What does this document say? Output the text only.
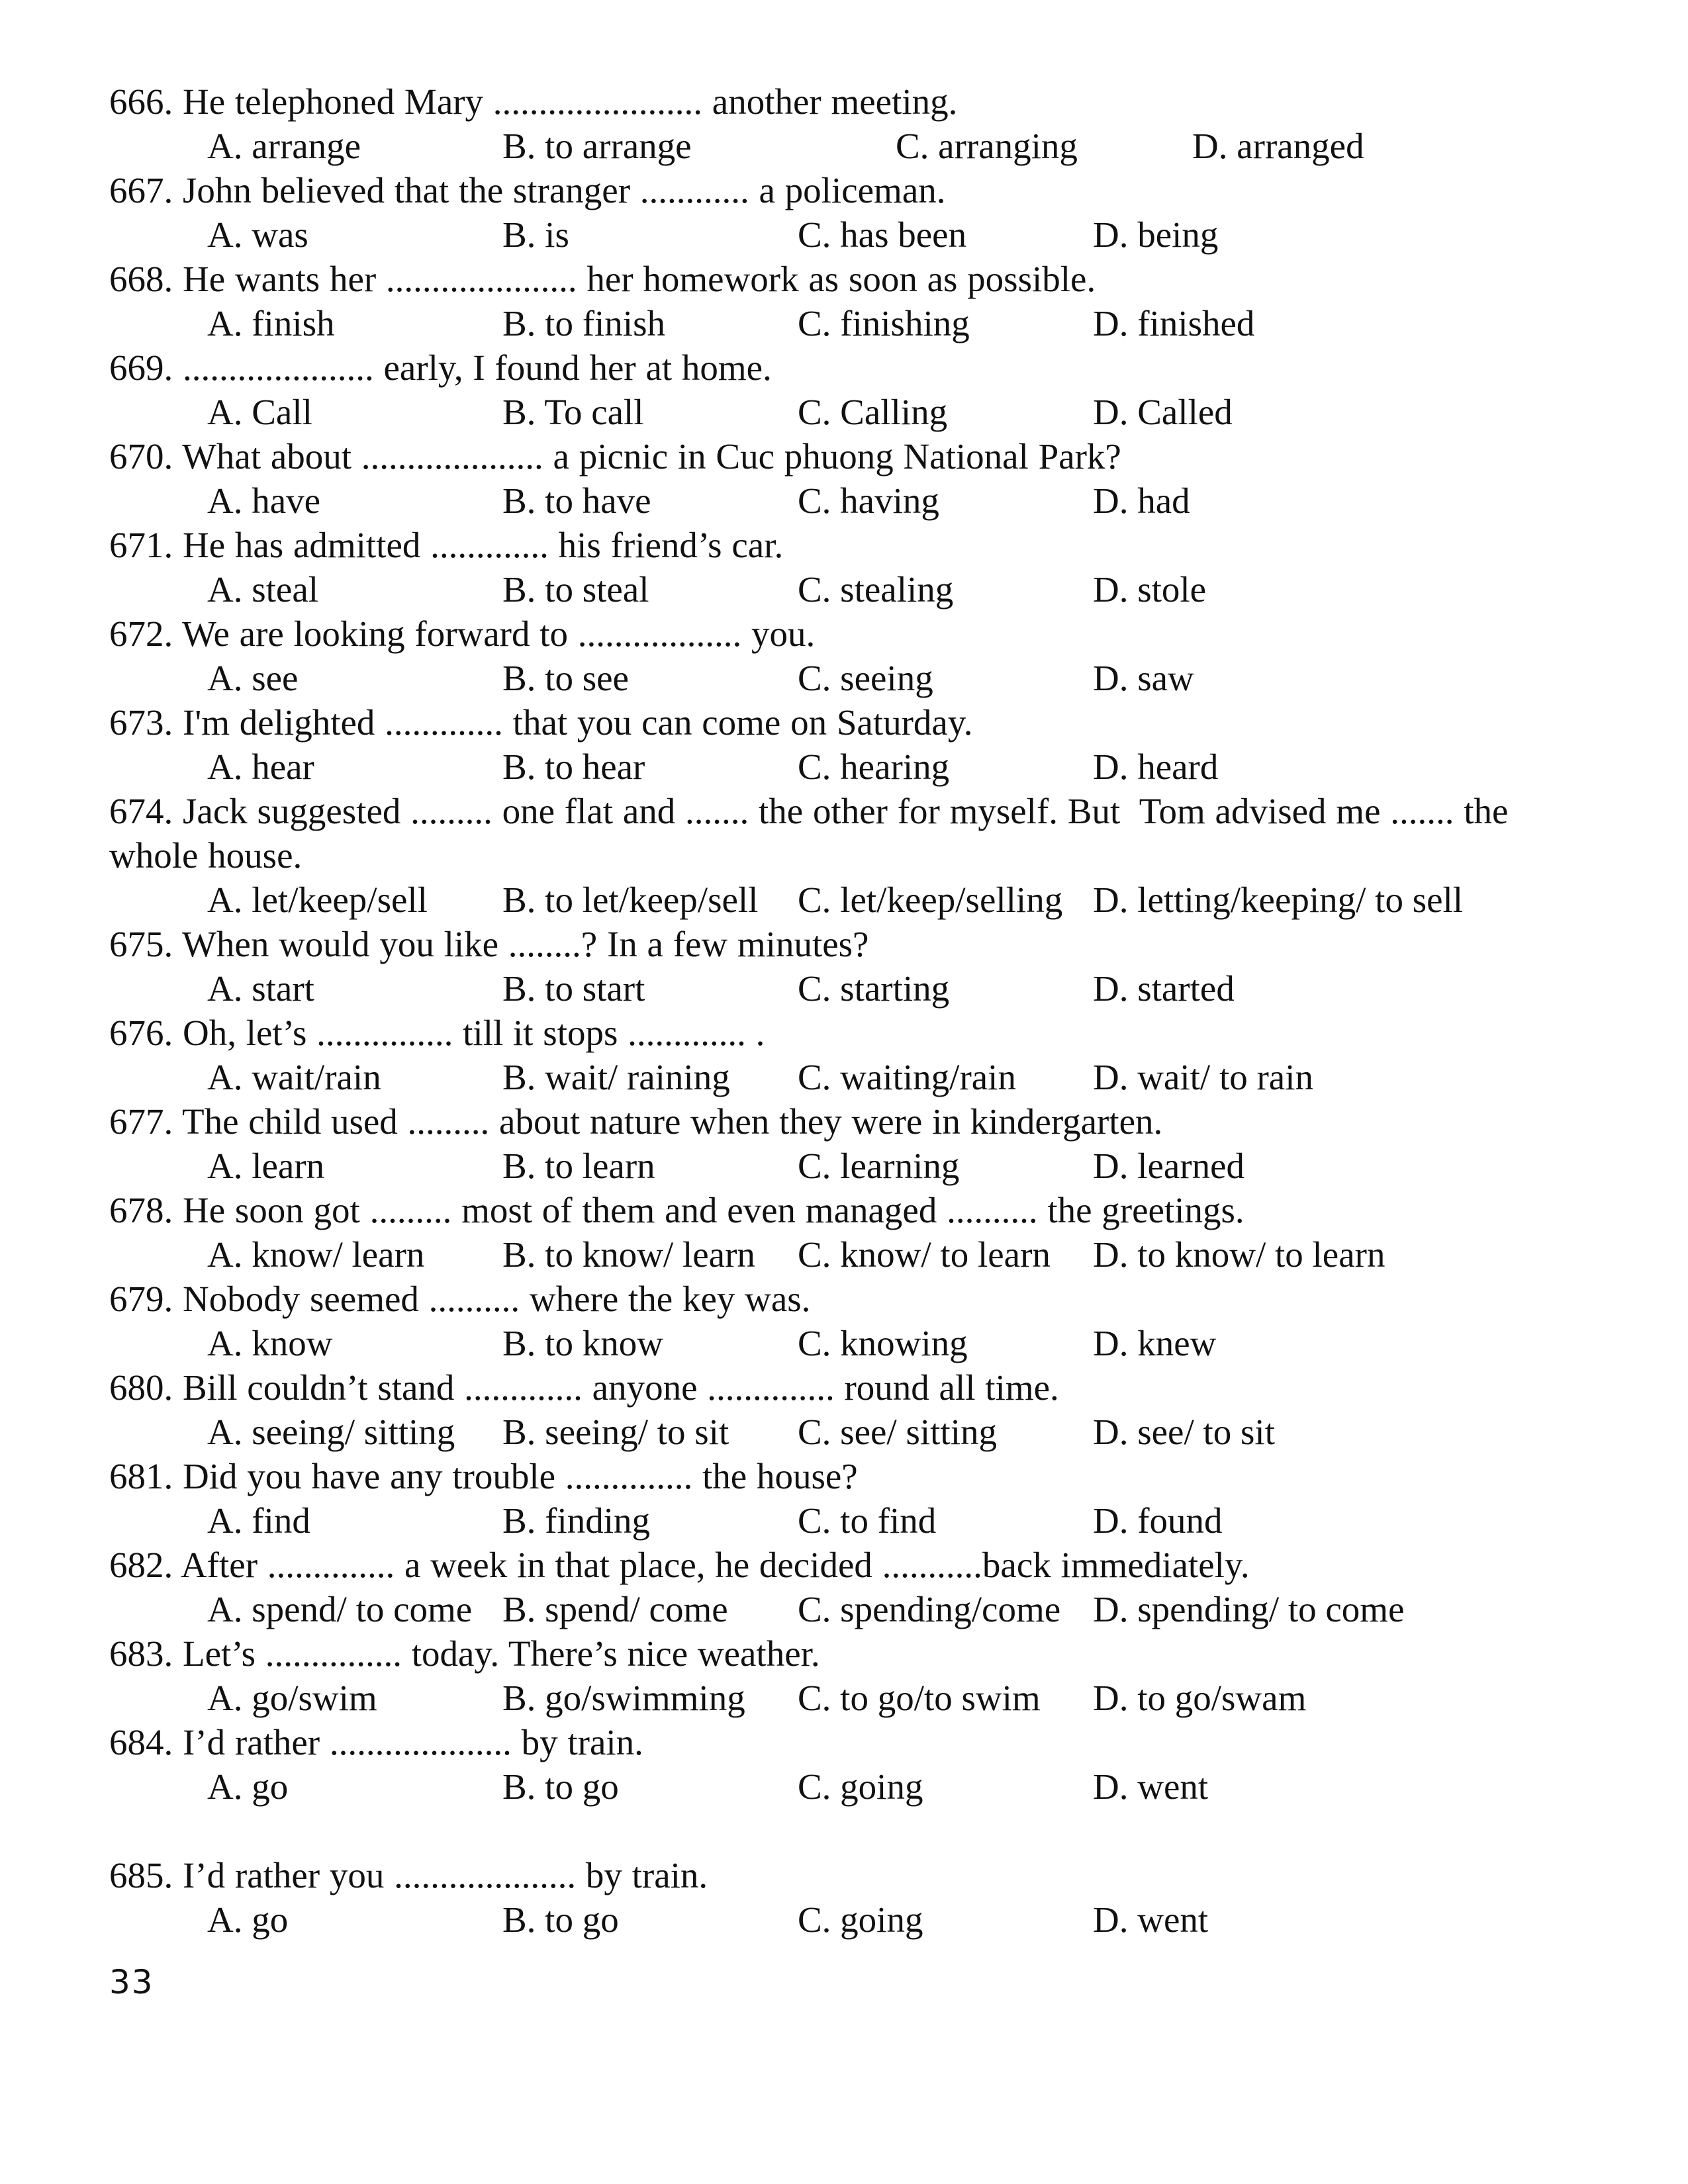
666. He telephoned Mary ....................... another meeting.
A. arrange	B. to arrange	C. arranging	D. arranged
667. John believed that the stranger ............ a policeman.
A. was	B. is	C. has been	D. being
668. He wants her ..................... her homework as soon as possible.
A. finish	B. to finish	C. finishing	D. finished
669. ..................... early, I found her at home.
A. Call	B. To call	C. Calling	D. Called
670. What about .................... a picnic in Cuc phuong National Park?
A. have	B. to have	C. having	D. had
671. He has admitted ............. his friend’s car.
A. steal	B. to steal	C. stealing	D. stole
672. We are looking forward to .................. you.
A. see	B. to see	C. seeing	D. saw
673. I'm delighted ............. that you can come on Saturday.
A. hear	B. to hear	C. hearing	D. heard
674. Jack suggested ......... one flat and ....... the other for myself. But  Tom advised me ....... the whole house.
A. let/keep/sell	B. to let/keep/sell	C. let/keep/selling D. letting/keeping/ to sell
675. When would you like ........? In a few minutes?
A. start	B. to start	C. starting	D. started
676. Oh, let’s ............... till it stops ............. .
A. wait/rain	B. wait/ raining	C. waiting/rain	D. wait/ to rain
677. The child used ......... about nature when they were in kindergarten.
A. learn	B. to learn	C. learning	D. learned
678. He soon got ......... most of them and even managed .......... the greetings.
A. know/ learn	B. to know/ learn	C. know/ to learn	D. to know/ to learn
679. Nobody seemed .......... where the key was.
A. know	B. to know	C. knowing	D. knew
680. Bill couldn’t stand ............. anyone .............. round all time.
A. seeing/ sitting	B. seeing/ to sit	C. see/ sitting	D. see/ to sit
681. Did you have any trouble .............. the house?
A. find	B. finding	C. to find	D. found
682. After .............. a week in that place, he decided ...........back immediately.
A. spend/ to come B. spend/ come	C. spending/come D. spending/ to come
683. Let’s ............... today. There’s nice weather.
A. go/swim	B. go/swimming	C. to go/to swim	D. to go/swam
684. I’d rather .................... by train.
A. go	B. to go	C. going	D. went
685. I’d rather you .................... by train.
A. go	B. to go	C. going	D. went
33
